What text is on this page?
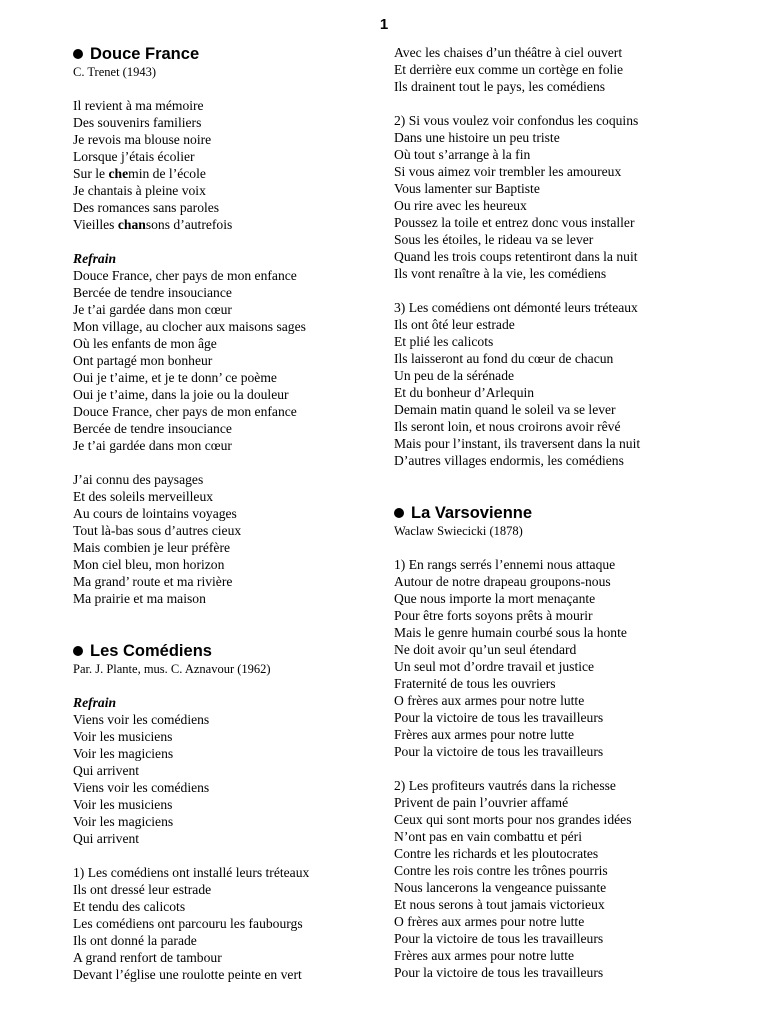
1
Douce France
C. Trenet (1943)
Il revient à ma mémoire
Des souvenirs familiers
Je revois ma blouse noire
Lorsque j’étais écolier
Sur le chemin de l’école
Je chantais à pleine voix
Des romances sans paroles
Vieilles chansons d’autrefois
Refrain
Douce France, cher pays de mon enfance
Bercée de tendre insouciance
Je t’ai gardée dans mon cœur
Mon village, au clocher aux maisons sages
Où les enfants de mon âge
Ont partagé mon bonheur
Oui je t’aime, et je te donn’ ce poème
Oui je t’aime, dans la joie ou la douleur
Douce France, cher pays de mon enfance
Bercée de tendre insouciance
Je t’ai gardée dans mon cœur
J’ai connu des paysages
Et des soleils merveilleux
Au cours de lointains voyages
Tout là-bas sous d’autres cieux
Mais combien je leur préfère
Mon ciel bleu, mon horizon
Ma grand’ route et ma rivière
Ma prairie et ma maison
Les Comédiens
Par. J. Plante, mus. C. Aznavour (1962)
Refrain
Viens voir les comédiens
Voir les musiciens
Voir les magiciens
Qui arrivent
Viens voir les comédiens
Voir les musiciens
Voir les magiciens
Qui arrivent
1) Les comédiens ont installé leurs tréteaux
Ils ont dressé leur estrade
Et tendu des calicots
Les comédiens ont parcouru les faubourgs
Ils ont donné la parade
A grand renfort de tambour
Devant l’église une roulotte peinte en vert
Avec les chaises d’un théâtre à ciel ouvert
Et derrière eux comme un cortège en folie
Ils drainent tout le pays, les comédiens
2) Si vous voulez voir confondus les coquins
Dans une histoire un peu triste
Où tout s’arrange à la fin
Si vous aimez voir trembler les amoureux
Vous lamenter sur Baptiste
Ou rire avec les heureux
Poussez la toile et entrez donc vous installer
Sous les étoiles, le rideau va se lever
Quand les trois coups retentiront dans la nuit
Ils vont renaître à la vie, les comédiens
3) Les comédiens ont démonté leurs tréteaux
Ils ont ôté leur estrade
Et plié les calicots
Ils laisseront au fond du cœur de chacun
Un peu de la sérénade
Et du bonheur d’Arlequin
Demain matin quand le soleil va se lever
Ils seront loin, et nous croirons avoir rêvé
Mais pour l’instant, ils traversent dans la nuit
D’autres villages endormis, les comédiens
La Varsovienne
Waclaw Swiecicki (1878)
1) En rangs serrés l’ennemi nous attaque
Autour de notre drapeau groupons-nous
Que nous importe la mort menaçante
Pour être forts soyons prêts à mourir
Mais le genre humain courbé sous la honte
Ne doit avoir qu’un seul étendard
Un seul mot d’ordre travail et justice
Fraternité de tous les ouvriers
O frères aux armes pour notre lutte
Pour la victoire de tous les travailleurs
Frères aux armes pour notre lutte
Pour la victoire de tous les travailleurs
2) Les profiteurs vautrés dans la richesse
Privent de pain l’ouvrier affamé
Ceux qui sont morts pour nos grandes idées
N’ont pas en vain combattu et péri
Contre les richards et les ploutocrates
Contre les rois contre les trônes pourris
Nous lancerons la vengeance puissante
Et nous serons à tout jamais victorieux
O frères aux armes pour notre lutte
Pour la victoire de tous les travailleurs
Frères aux armes pour notre lutte
Pour la victoire de tous les travailleurs
